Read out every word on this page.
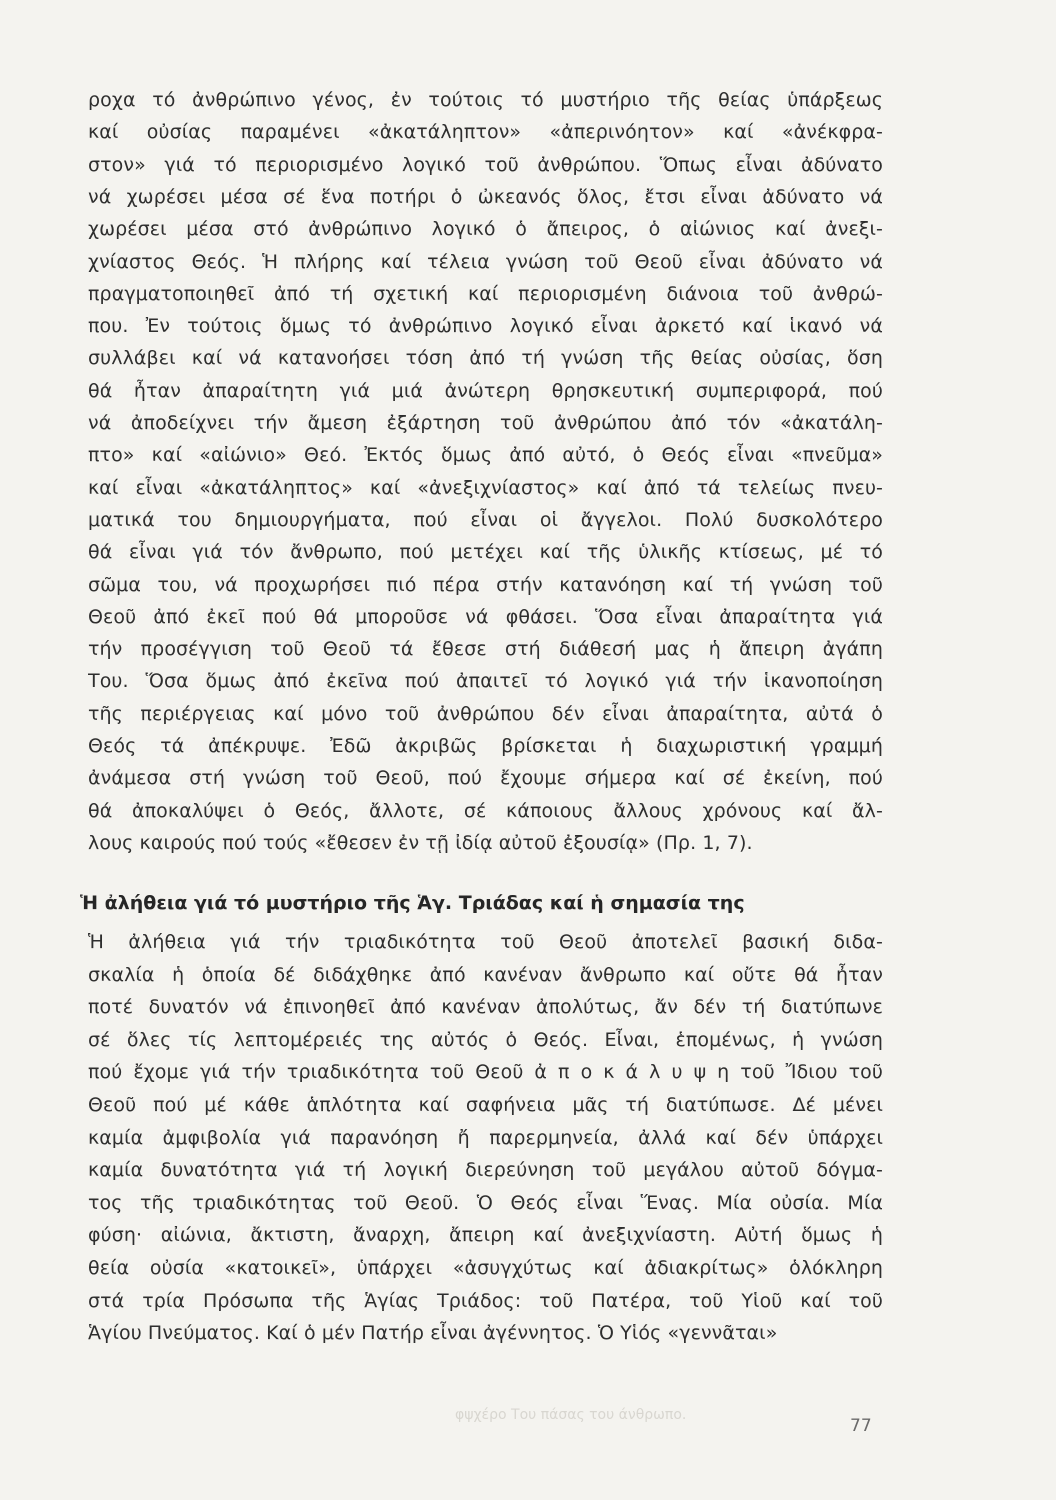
ροχα τό ἀνθρώπινο γένος, ἐν τούτοις τό μυστήριο τῆς θείας ὑπάρξεως
καί οὐσίας παραμένει «ἀκατάληπτον» «ἀπερινόητον» καί «ἀνέκφρα-
στον» γιά τό περιορισμένο λογικό τοῦ ἀνθρώπου. Ὅπως εἶναι ἀδύνατο
νά χωρέσει μέσα σέ ἕνα ποτήρι ὁ ὠκεανός ὅλος, ἔτσι εἶναι ἀδύνατο νά
χωρέσει μέσα στό ἀνθρώπινο λογικό ὁ ἄπειρος, ὁ αἰώνιος καί ἀνεξι-
χνίαστος Θεός. Ἡ πλήρης καί τέλεια γνώση τοῦ Θεοῦ εἶναι ἀδύνατο νά
πραγματοποιηθεῖ ἀπό τή σχετική καί περιορισμένη διάνοια τοῦ ἀνθρώ-
που. Ἐν τούτοις ὅμως τό ἀνθρώπινο λογικό εἶναι ἀρκετό καί ἱκανό νά
συλλάβει καί νά κατανοήσει τόση ἀπό τή γνώση τῆς θείας οὐσίας, ὅση
θά ἦταν ἀπαραίτητη γιά μιά ἀνώτερη θρησκευτική συμπεριφορά, πού
νά ἀποδείχνει τήν ἄμεση ἐξάρτηση τοῦ ἀνθρώπου ἀπό τόν «ἀκατάλη-
πτο» καί «αἰώνιο» Θεό. Ἐκτός ὅμως ἀπό αὐτό, ὁ Θεός εἶναι «πνεῦμα»
καί εἶναι «ἀκατάληπτος» καί «ἀνεξιχνίαστος» καί ἀπό τά τελείως πνευ-
ματικά του δημιουργήματα, πού εἶναι οἱ ἄγγελοι. Πολύ δυσκολότερο
θά εἶναι γιά τόν ἄνθρωπο, πού μετέχει καί τῆς ὑλικῆς κτίσεως, μέ τό
σῶμα του, νά προχωρήσει πιό πέρα στήν κατανόηση καί τή γνώση τοῦ
Θεοῦ ἀπό ἐκεῖ πού θά μποροῦσε νά φθάσει. Ὅσα εἶναι ἀπαραίτητα γιά
τήν προσέγγιση τοῦ Θεοῦ τά ἔθεσε στή διάθεσή μας ἡ ἄπειρη ἀγάπη
Του. Ὅσα ὅμως ἀπό ἐκεῖνα πού ἀπαιτεῖ τό λογικό γιά τήν ἱκανοποίηση
τῆς περιέργειας καί μόνο τοῦ ἀνθρώπου δέν εἶναι ἀπαραίτητα, αὐτά ὁ
Θεός τά ἀπέκρυψε. Ἐδῶ ἀκριβῶς βρίσκεται ἡ διαχωριστική γραμμή
ἀνάμεσα στή γνώση τοῦ Θεοῦ, πού ἔχουμε σήμερα καί σέ ἐκείνη, πού
θά ἀποκαλύψει ὁ Θεός, ἄλλοτε, σέ κάποιους ἄλλους χρόνους καί ἄλ-
λους καιρούς πού τούς «ἔθεσεν ἐν τῇ ἰδίᾳ αὐτοῦ ἐξουσίᾳ» (Πρ. 1, 7).
Ἡ ἀλήθεια γιά τό μυστήριο τῆς Ἁγ. Τριάδας καί ἡ σημασία της
Ἡ ἀλήθεια γιά τήν τριαδικότητα τοῦ Θεοῦ ἀποτελεῖ βασική διδα-
σκαλία ἡ ὁποία δέ διδάχθηκε ἀπό κανέναν ἄνθρωπο καί οὔτε θά ἦταν
ποτέ δυνατόν νά ἐπινοηθεῖ ἀπό κανέναν ἀπολύτως, ἄν δέν τή διατύπωνε
σέ ὅλες τίς λεπτομέρειές της αὐτός ὁ Θεός. Εἶναι, ἑπομένως, ἡ γνώση
πού ἔχομε γιά τήν τριαδικότητα τοῦ Θεοῦ ἀ π ο κ ά λ υ ψ η τοῦ Ἴδιου τοῦ
Θεοῦ πού μέ κάθε ἁπλότητα καί σαφήνεια μᾶς τή διατύπωσε. Δέ μένει
καμία ἀμφιβολία γιά παρανόηση ἤ παρερμηνεία, ἀλλά καί δέν ὑπάρχει
καμία δυνατότητα γιά τή λογική διερεύνηση τοῦ μεγάλου αὐτοῦ δόγμα-
τος τῆς τριαδικότητας τοῦ Θεοῦ. Ὁ Θεός εἶναι Ἕνας. Μία οὐσία. Μία
φύση· αἰώνια, ἄκτιστη, ἄναρχη, ἄπειρη καί ἀνεξιχνίαστη. Αὐτή ὅμως ἡ
θεία οὐσία «κατοικεῖ», ὑπάρχει «ἀσυγχύτως καί ἀδιακρίτως» ὁλόκληρη
στά τρία Πρόσωπα τῆς Ἁγίας Τριάδος: τοῦ Πατέρα, τοῦ Υἱοῦ καί τοῦ
Ἁγίου Πνεύματος. Καί ὁ μέν Πατήρ εἶναι ἀγέννητος. Ὁ Υἱός «γεννᾶται»
φψχέρο Του πάσας του άνθρωπο.
77
